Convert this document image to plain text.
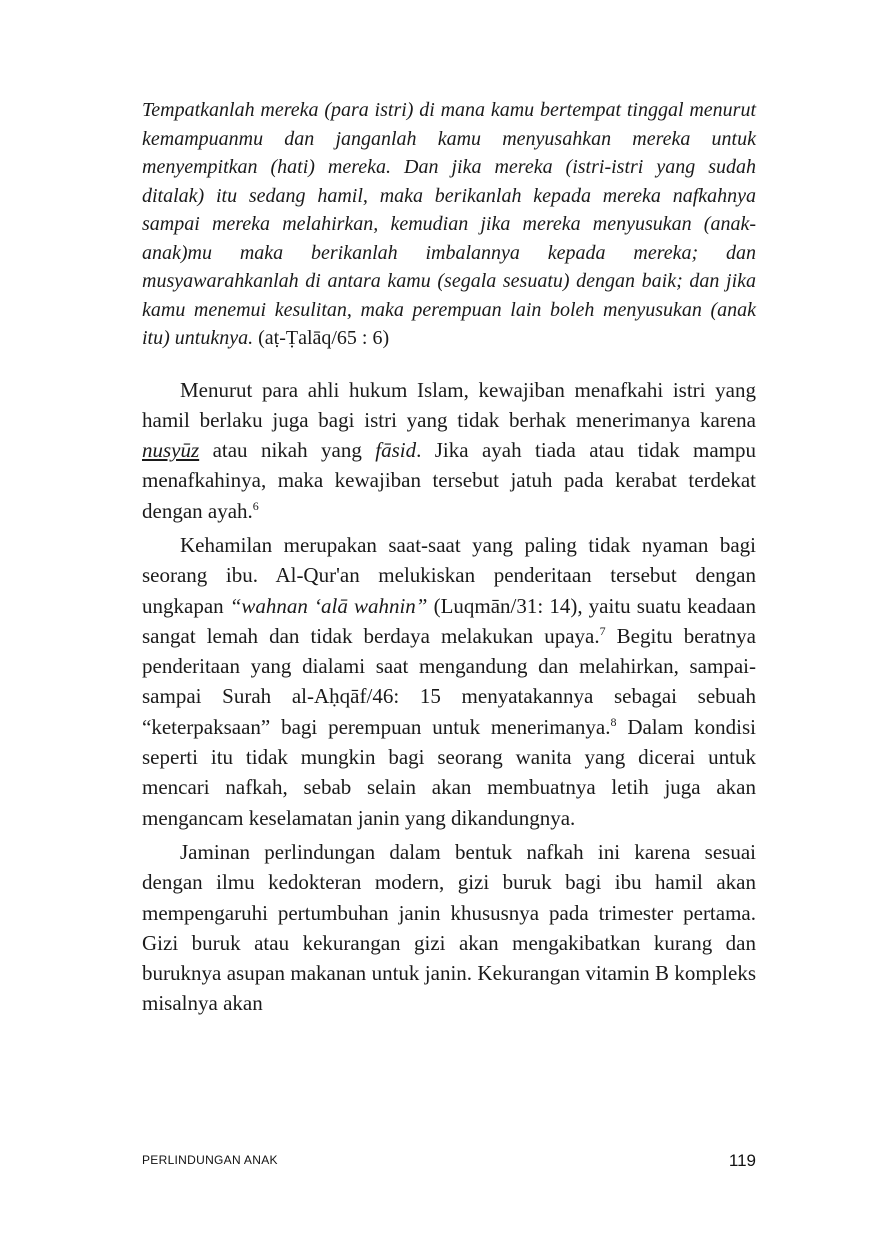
Tempatkanlah mereka (para istri) di mana kamu bertempat tinggal menurut kemampuanmu dan janganlah kamu menyusahkan mereka untuk menyempitkan (hati) mereka. Dan jika mereka (istri-istri yang sudah ditalak) itu sedang hamil, maka berikanlah kepada mereka nafkahnya sampai mereka melahirkan, kemudian jika mereka menyusukan (anak-anak)mu maka berikanlah imbalannya kepada mereka; dan musyawarahkanlah di antara kamu (segala sesuatu) dengan baik; dan jika kamu menemui kesulitan, maka perempuan lain boleh menyusukan (anak itu) untuknya. (aṭ-Ṭalāq/65 : 6)

Menurut para ahli hukum Islam, kewajiban menafkahi istri yang hamil berlaku juga bagi istri yang tidak berhak menerimanya karena nusyūz atau nikah yang fāsid. Jika ayah tiada atau tidak mampu menafkahinya, maka kewajiban tersebut jatuh pada kerabat terdekat dengan ayah.$^6$

Kehamilan merupakan saat-saat yang paling tidak nyaman bagi seorang ibu. Al-Qur'an melukiskan penderitaan tersebut dengan ungkapan “wahnan ‘alā wahnin” (Luqmān/31: 14), yaitu suatu keadaan sangat lemah dan tidak berdaya melakukan upaya.$^7$ Begitu beratnya penderitaan yang dialami saat mengandung dan melahirkan, sampai-sampai Surah al-Aḥqāf/46: 15 menyatakannya sebagai sebuah “keterpaksaan” bagi perempuan untuk menerimanya.$^8$ Dalam kondisi seperti itu tidak mungkin bagi seorang wanita yang dicerai untuk mencari nafkah, sebab selain akan membuatnya letih juga akan mengancam keselamatan janin yang dikandungnya.

Jaminan perlindungan dalam bentuk nafkah ini karena sesuai dengan ilmu kedokteran modern, gizi buruk bagi ibu hamil akan mempengaruhi pertumbuhan janin khususnya pada trimester pertama. Gizi buruk atau kekurangan gizi akan mengakibatkan kurang dan buruknya asupan makanan untuk janin. Kekurangan vitamin B kompleks misalnya akan

PERLINDUNGAN ANAK	119
